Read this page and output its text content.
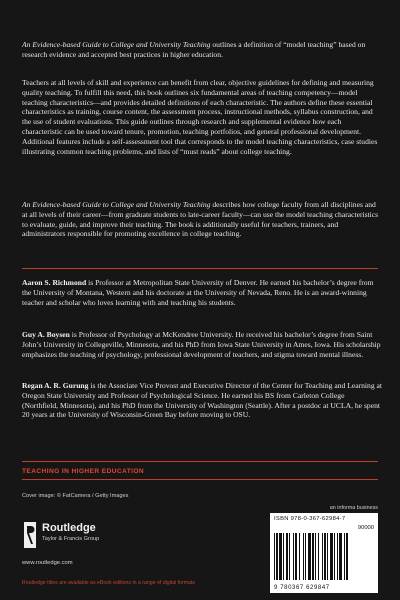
An Evidence-based Guide to College and University Teaching outlines a definition of “model teaching” based on research evidence and accepted best practices in higher education.

Teachers at all levels of skill and experience can benefit from clear, objective guidelines for defining and measuring quality teaching. To fulfill this need, this book outlines six fundamental areas of teaching competency—model teaching characteristics—and provides detailed definitions of each characteristic. The authors define these essential characteristics as training, course content, the assessment process, instructional methods, syllabus construction, and the use of student evaluations. This guide outlines through research and supplemental evidence how each characteristic can be used toward tenure, promotion, teaching portfolios, and general professional development. Additional features include a self-assessment tool that corresponds to the model teaching characteristics, case studies illustrating common teaching problems, and lists of “must reads” about college teaching.

An Evidence-based Guide to College and University Teaching describes how college faculty from all disciplines and at all levels of their career—from graduate students to late-career faculty—can use the model teaching characteristics to evaluate, guide, and improve their teaching. The book is additionally useful for teachers, trainers, and administrators responsible for promoting excellence in college teaching.

Aaron S. Richmond is Professor at Metropolitan State University of Denver. He earned his bachelor’s degree from the University of Montana, Western and his doctorate at the University of Nevada, Reno. He is an award-winning teacher and scholar who loves learning with and teaching his students.

Guy A. Boysen is Professor of Psychology at McKendree University. He received his bachelor’s degree from Saint John’s University in Collegeville, Minnesota, and his PhD from Iowa State University in Ames, Iowa. His scholarship emphasizes the teaching of psychology, professional development of teachers, and stigma toward mental illness.

Regan A. R. Gurung is the Associate Vice Provost and Executive Director of the Center for Teaching and Learning at Oregon State University and Professor of Psychological Science. He earned his BS from Carleton College (Northfield, Minnesota), and his PhD from the University of Washington (Seattle). After a postdoc at UCLA, he spent 20 years at the University of Wisconsin-Green Bay before moving to OSU.

TEACHING IN HIGHER EDUCATION
Cover image: © FatCamera / Getty Images
an informa business
Routledge
Taylor & Francis Group
www.routledge.com
ISBN 978-0-367-62984-7
90000
9 780367 629847
Routledge titles are available as eBook editions in a range of digital formats
